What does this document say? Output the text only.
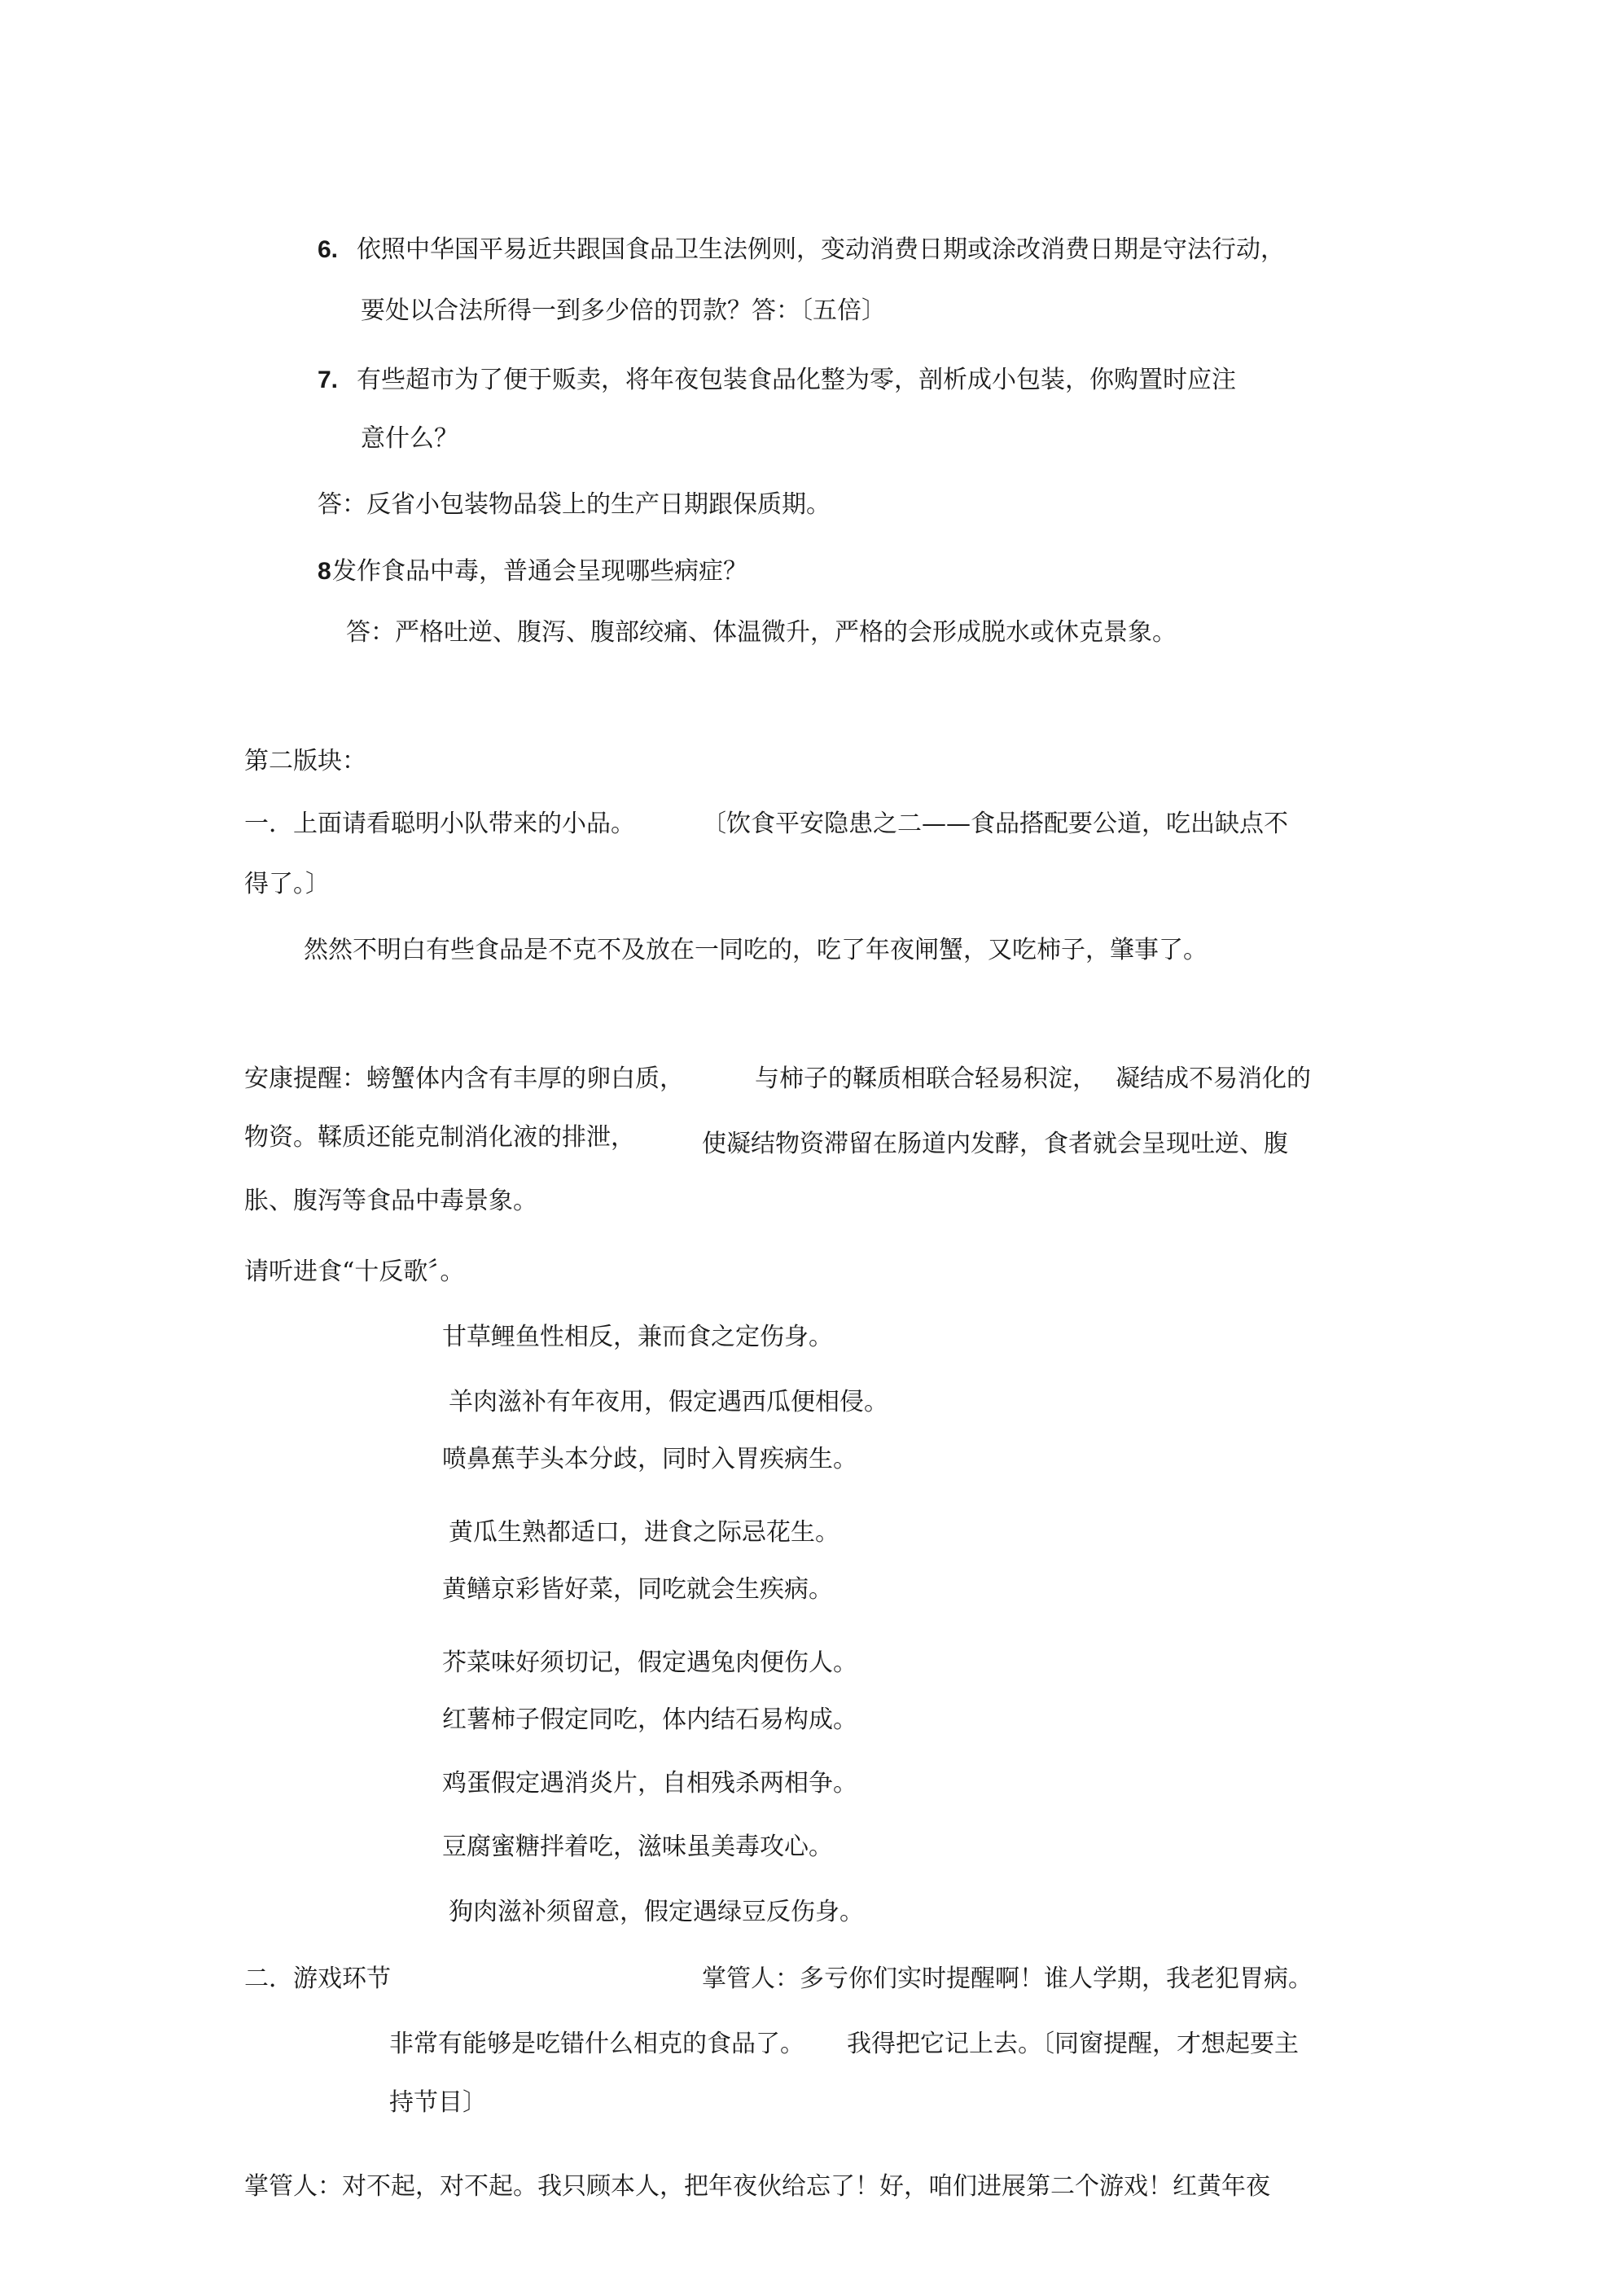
6. 依照中华国平易近共跟国食品卫生法例则，变动消费日期或涂改消费日期是守法行动，
要处以合法所得一到多少倍的罚款？答：〔五倍〕
7. 有些超市为了便于贩卖，将年夜包装食品化整为零，剖析成小包装，你购置时应注
意什么？
答：反省小包装物品袋上的生产日期跟保质期。
8 发作食品中毒，普通会呈现哪些病症？
答：严格吐逆、腹泻、腹部绞痛、体温微升，严格的会形成脱水或休克景象。
第二版块：
一．上面请看聪明小队带来的小品。	〔饮食平安隐患之二——食品搭配要公道，吃出缺点不
得了。〕
然然不明白有些食品是不克不及放在一同吃的，吃了年夜闸蟹，又吃柿子，肇事了。
安康提醒：螃蟹体内含有丰厚的卵白质，	与柿子的鞣质相联合轻易积淀， 凝结成不易消化的
物资。鞣质还能克制消化液的排泄，	使凝结物资滞留在肠道内发酵，食者就会呈现吐逆、腹
胀、腹泻等食品中毒景象。
请听进食“十反歌〞。
甘草鲤鱼性相反，兼而食之定伤身。
羊肉滋补有年夜用，假定遇西瓜便相侵。
喷鼻蕉芋头本分歧，同时入胃疾病生。
黄瓜生熟都适口，进食之际忌花生。
黄鳝京彩皆好菜，同吃就会生疾病。
芥菜味好须切记，假定遇兔肉便伤人。
红薯柿子假定同吃，体内结石易构成。
鸡蛋假定遇消炎片，自相残杀两相争。
豆腐蜜糖拌着吃，滋味虽美毒攻心。
狗肉滋补须留意，假定遇绿豆反伤身。
二．游戏环节	掌管人：多亏你们实时提醒啊！谁人学期，我老犯胃病。
非常有能够是吃错什么相克的食品了。 我得把它记上去。〔同窗提醒，才想起要主
持节目〕
掌管人：对不起，对不起。我只顾本人，把年夜伙给忘了！好，咱们进展第二个游戏！红黄年夜
